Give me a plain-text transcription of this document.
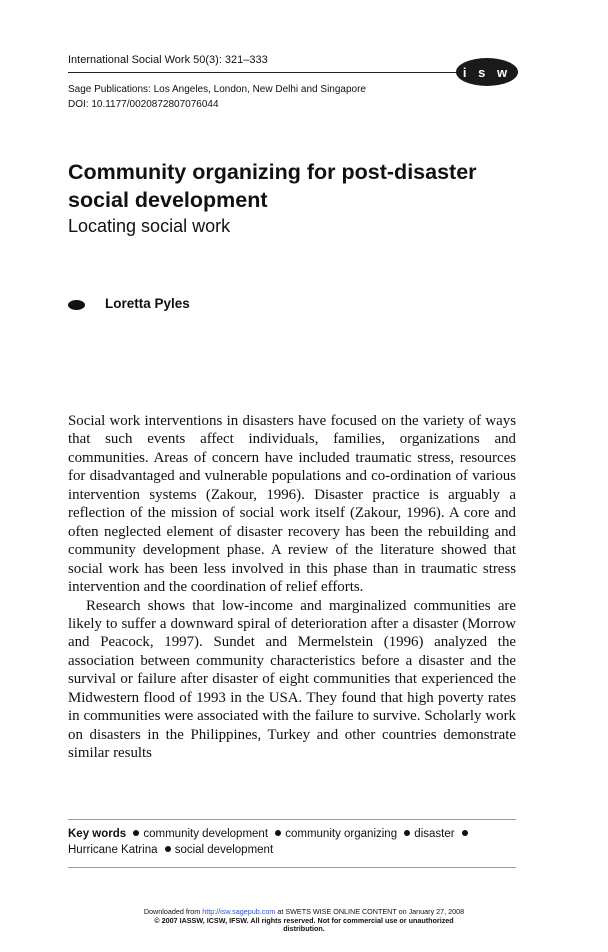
International Social Work 50(3): 321–333
i s w
Sage Publications: Los Angeles, London, New Delhi and Singapore
DOI: 10.1177/0020872807076044
Community organizing for post-disaster social development
Locating social work
Loretta Pyles

Social work interventions in disasters have focused on the variety of ways that such events affect individuals, families, organizations and communities. Areas of concern have included traumatic stress, resources for disadvantaged and vulnerable populations and co-ordination of various intervention systems (Zakour, 1996). Disaster practice is arguably a reflection of the mission of social work itself (Zakour, 1996). A core and often neglected element of disaster recovery has been the rebuilding and community development phase. A review of the literature showed that social work has been less involved in this phase than in traumatic stress intervention and the coordination of relief efforts.

Research shows that low-income and marginalized communities are likely to suffer a downward spiral of deterioration after a disaster (Morrow and Peacock, 1997). Sundet and Mermelstein (1996) analyzed the association between community characteristics before a disaster and the survival or failure after disaster of eight communities that experienced the Midwestern flood of 1993 in the USA. They found that high poverty rates in communities were associated with the failure to survive. Scholarly work on disasters in the Philippines, Turkey and other countries demonstrate similar results

Key words community development community organizing disaster
Hurricane Katrina social development
Downloaded from http://isw.sagepub.com at SWETS WISE ONLINE CONTENT on January 27, 2008
© 2007 IASSW, ICSW, IFSW. All rights reserved. Not for commercial use or unauthorized
distribution.
